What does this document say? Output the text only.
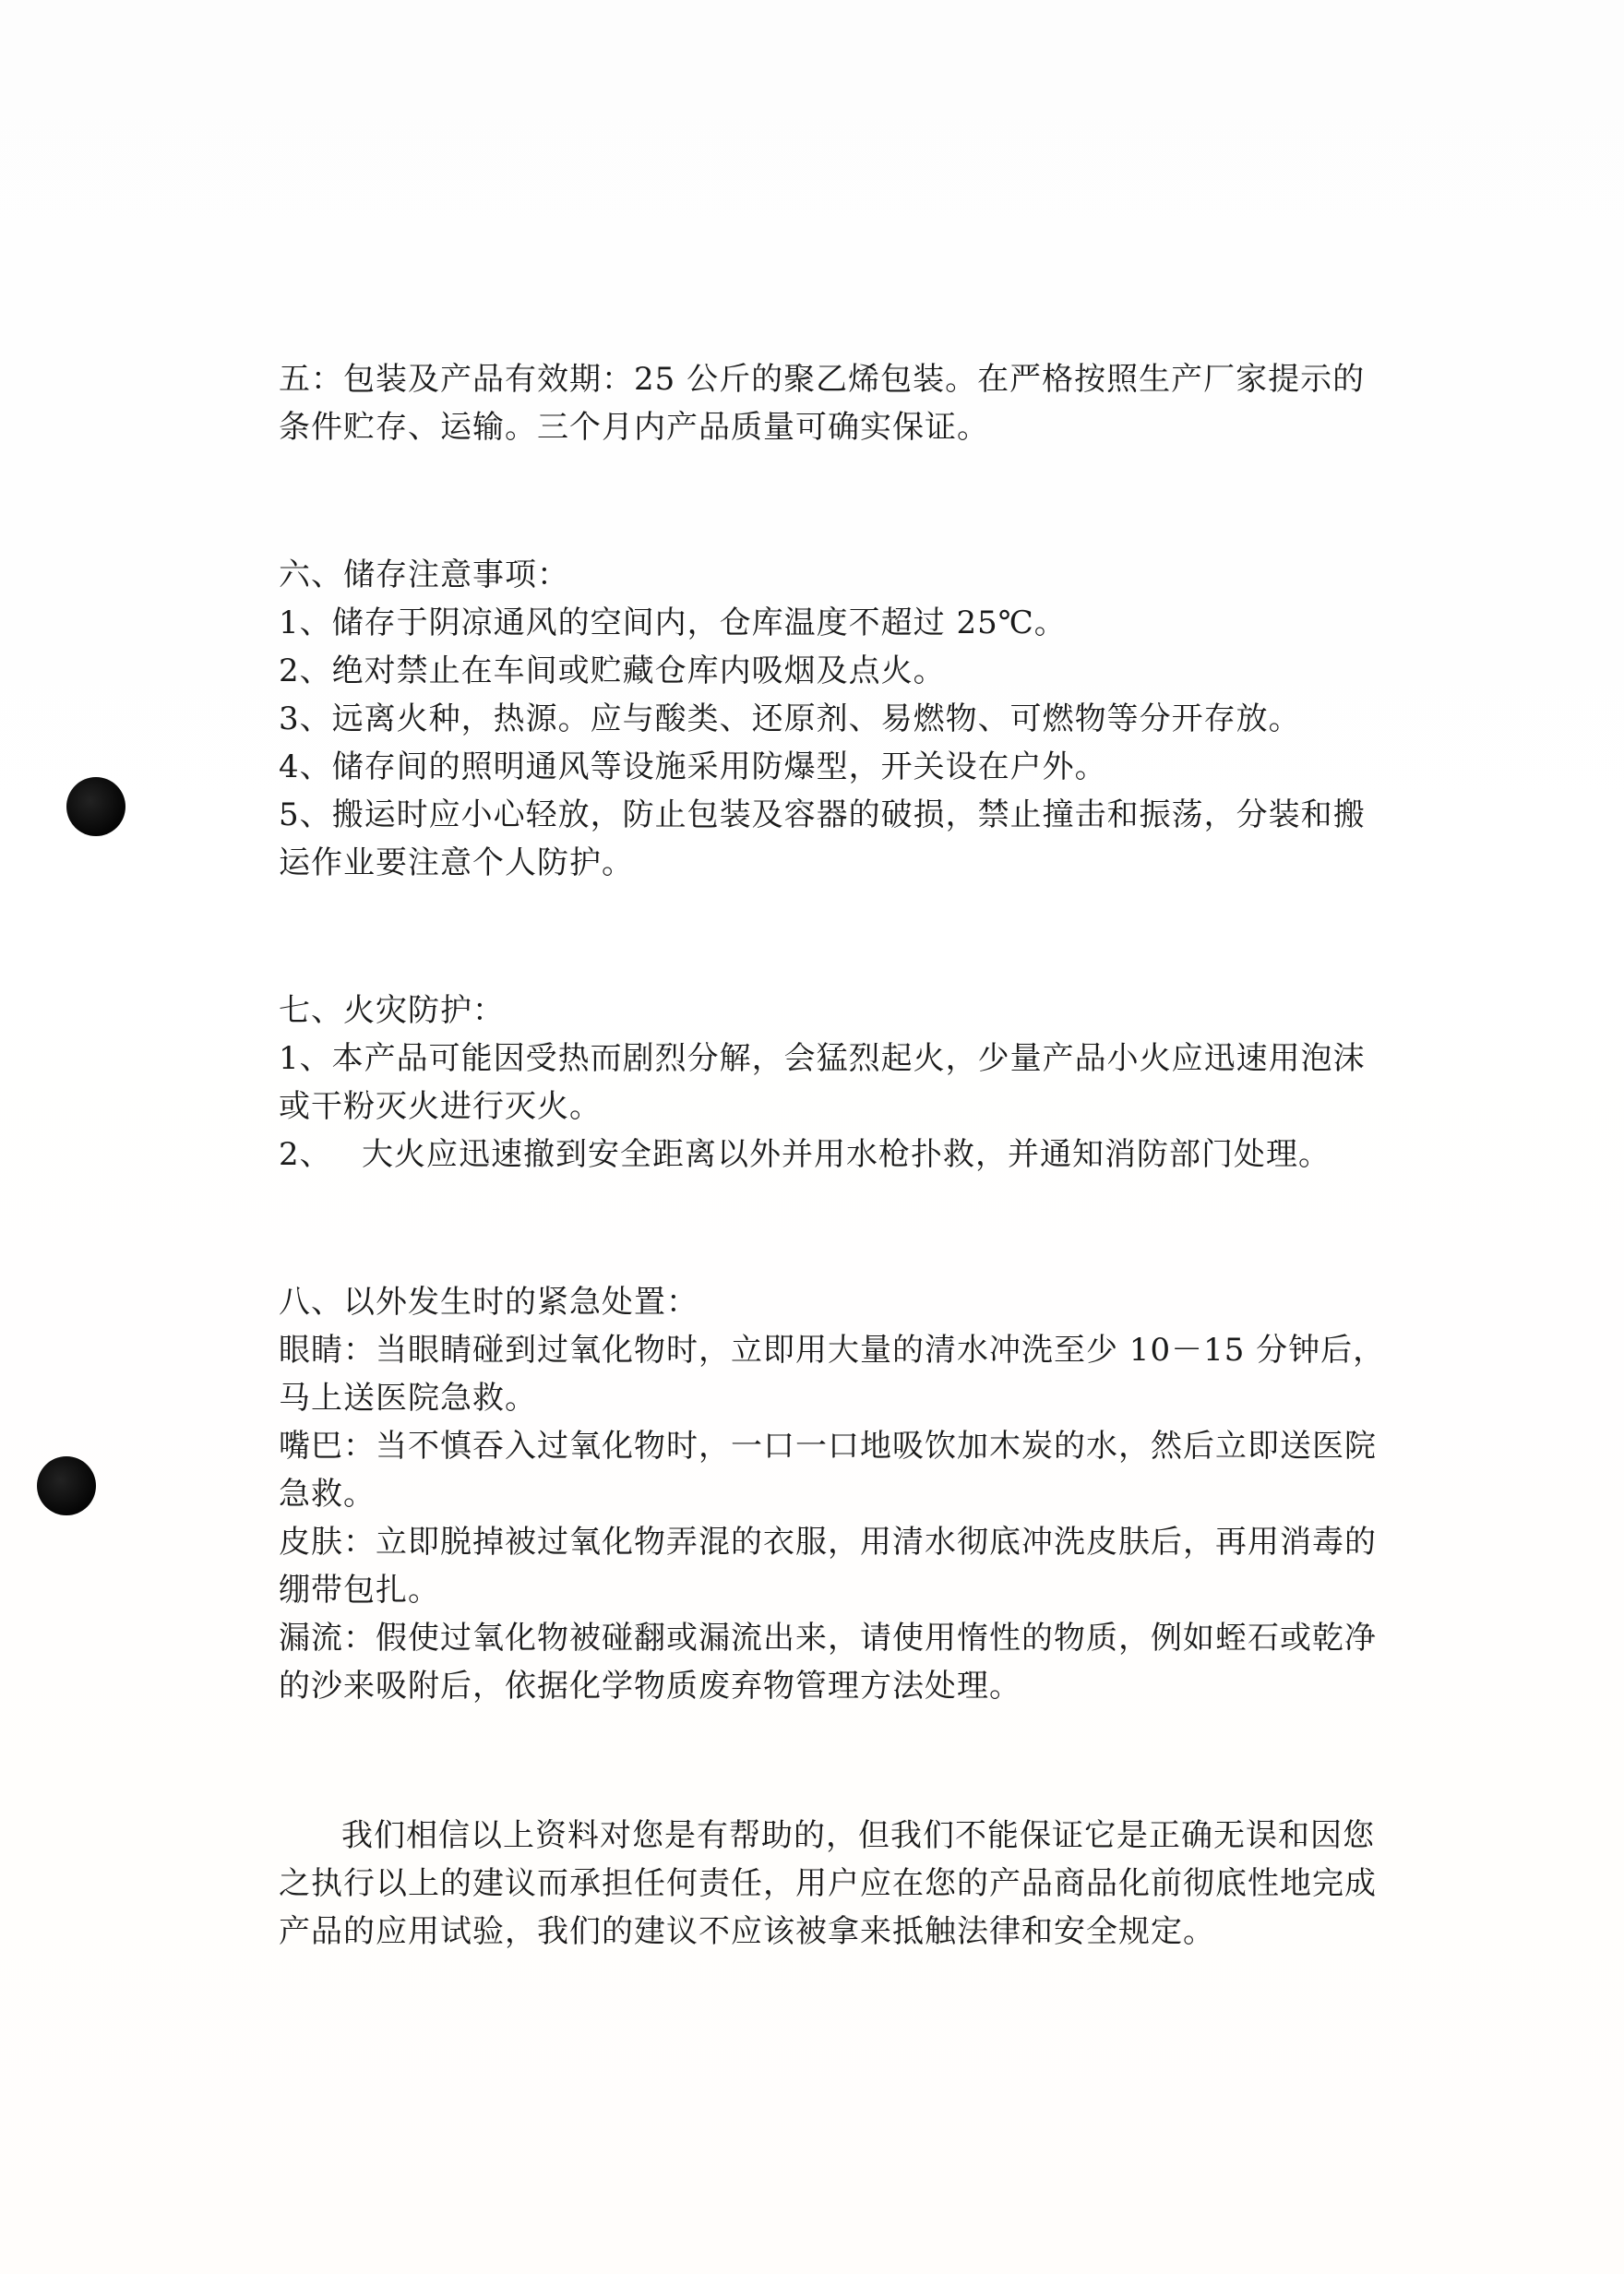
五：包装及产品有效期：25 公斤的聚乙烯包装。在严格按照生产厂家提示的

条件贮存、运输。三个月内产品质量可确实保证。

六、储存注意事项：

1、储存于阴凉通风的空间内，仓库温度不超过 25℃。

2、绝对禁止在车间或贮藏仓库内吸烟及点火。

3、远离火种，热源。应与酸类、还原剂、易燃物、可燃物等分开存放。

4、储存间的照明通风等设施采用防爆型，开关设在户外。

5、搬运时应小心轻放，防止包装及容器的破损，禁止撞击和振荡，分装和搬

运作业要注意个人防护。

七、火灾防护：

1、本产品可能因受热而剧烈分解，会猛烈起火，少量产品小火应迅速用泡沫

或干粉灭火进行灭火。

2、 大火应迅速撤到安全距离以外并用水枪扑救，并通知消防部门处理。

八、以外发生时的紧急处置：

眼睛：当眼睛碰到过氧化物时，立即用大量的清水冲洗至少 10－15 分钟后，

马上送医院急救。

嘴巴：当不慎吞入过氧化物时，一口一口地吸饮加木炭的水，然后立即送医院

急救。

皮肤：立即脱掉被过氧化物弄混的衣服，用清水彻底冲洗皮肤后，再用消毒的

绷带包扎。

漏流：假使过氧化物被碰翻或漏流出来，请使用惰性的物质，例如蛭石或乾净

的沙来吸附后，依据化学物质废弃物管理方法处理。

我们相信以上资料对您是有帮助的，但我们不能保证它是正确无误和因您

之执行以上的建议而承担任何责任，用户应在您的产品商品化前彻底性地完成

产品的应用试验，我们的建议不应该被拿来抵触法律和安全规定。
